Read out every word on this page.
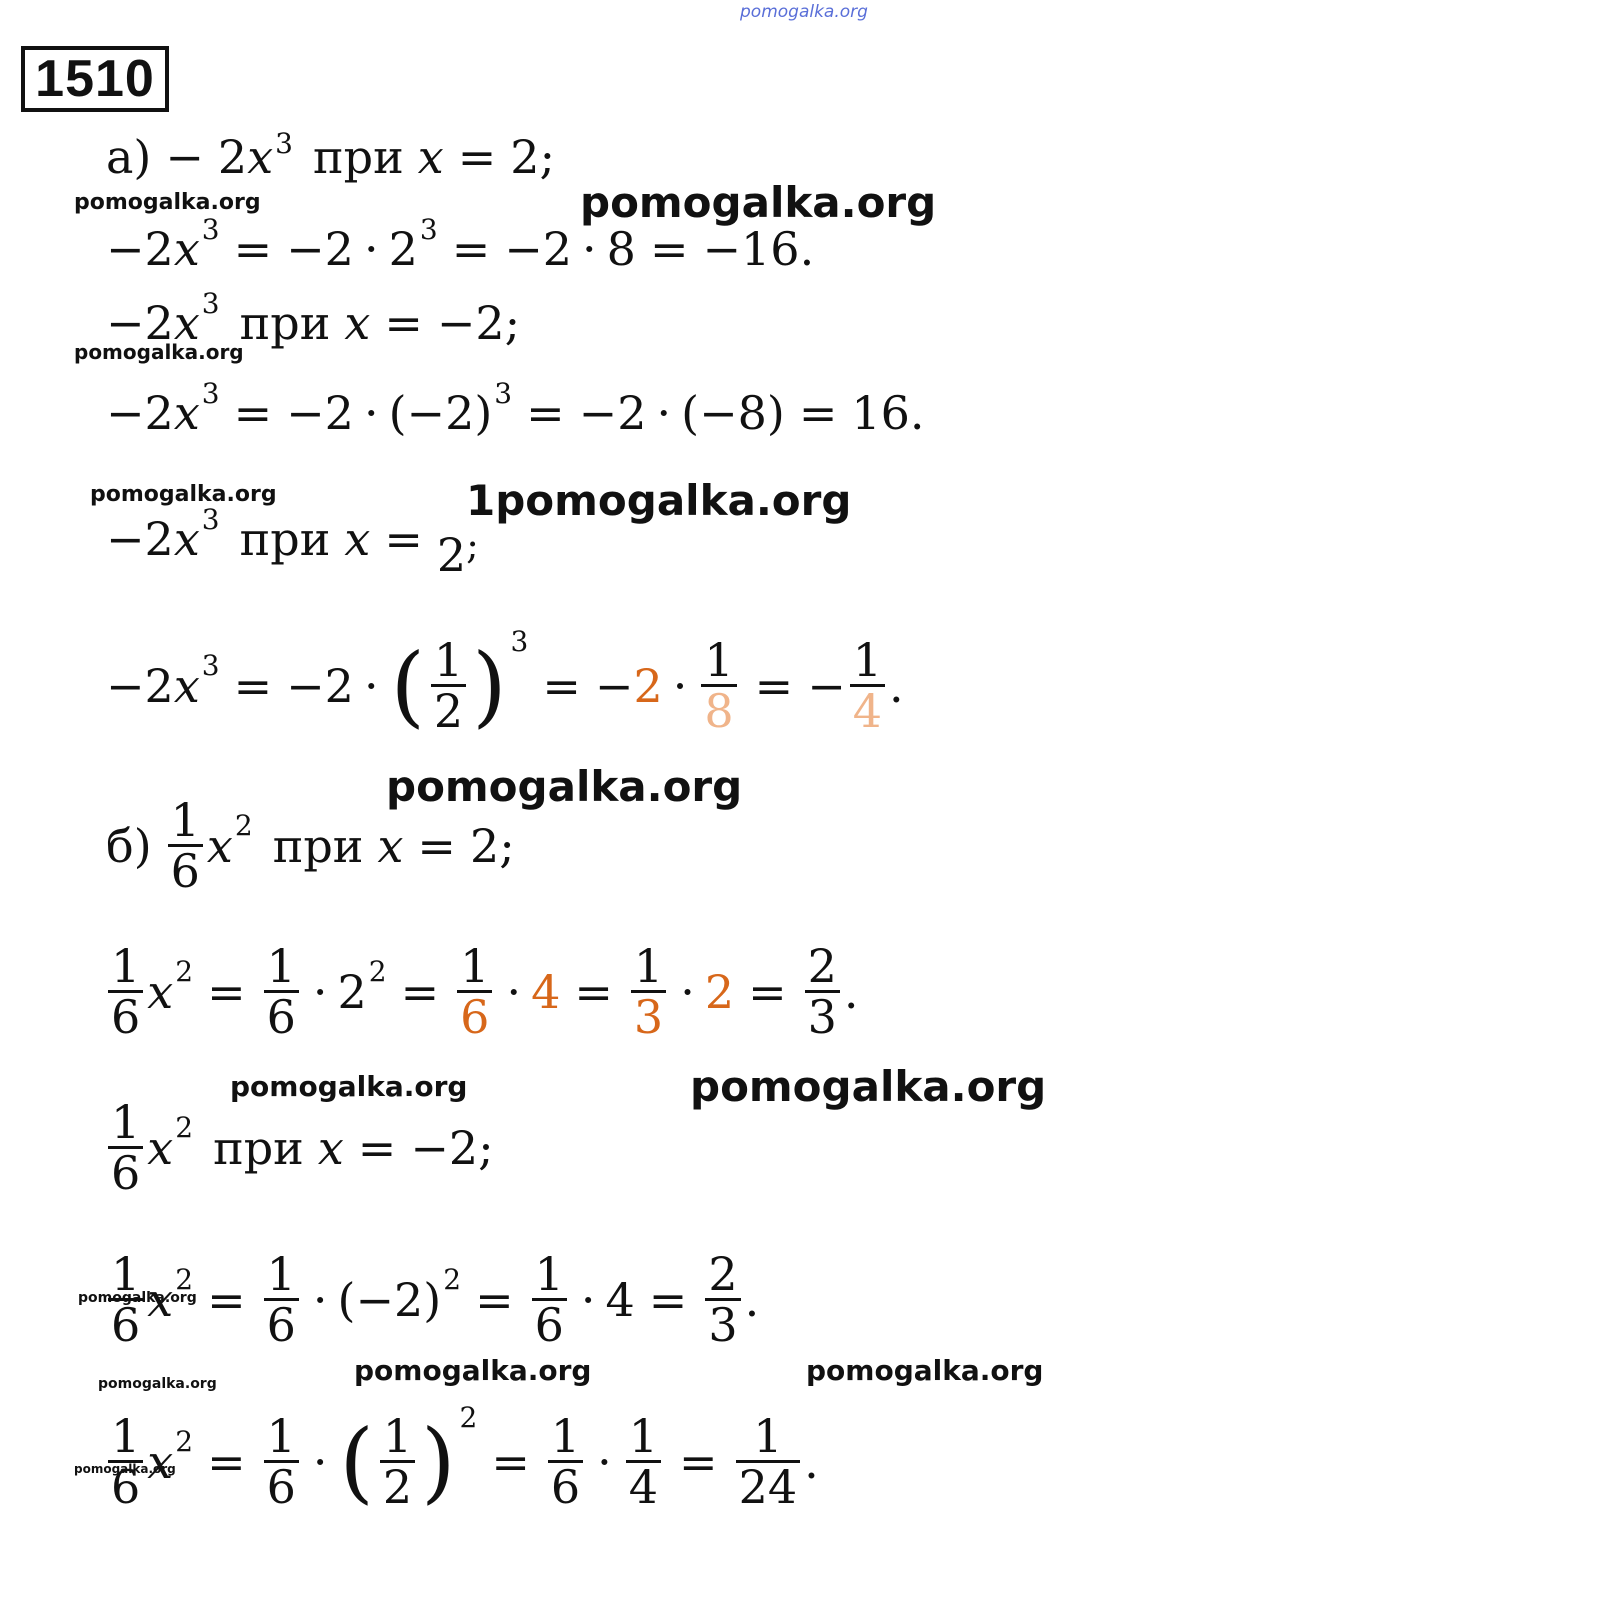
pomogalka.org
1510
$а) - 2x^3$ при x = 2 ;
pomogalka.org	pomogalka.org
−2 x 3 = −2 · 2 3 = −2 · 8 = −16 .
−2 x 3 при x = −2 ;
pomogalka.org
−2 x 3 = −2 · ( −2 ) 3 = −2 · ( −8 ) = 16 .
pomogalka.org	1pomogalka.org
−2 x 3 при x = 2 ;
−2 x 3 = −2 · ( $\frac{1}{2}$ ) 3
= − $2 \cdot \frac{1}{8}$ = − $\frac{1}{4}$ .
pomogalka.org
$б) \frac{1}{6}$ x 2 при x = 2 ;
$\frac{1}{6}$ x $2 = \frac{1}{6} \cdot 2$ $2 = \frac{1}{6} \cdot 4 = \frac{1}{3} \cdot 2 = \frac{2}{3}$ .
pomogalka.org	pomogalka.org
$\frac{1}{6}$ x 2 при x = −2 ;
$\frac{1}{6}$ x $2 = \frac{1}{6}$ · ( −2 ) $2 = \frac{1}{6} \cdot 4 = \frac{2}{3}$ .
pomogalka.org
pomogalka.org	pomogalka.org
pomogalka.org
$\frac{1}{6}$ x $2 = \frac{1}{6}$ · ( $\frac{1}{2}$ ) 2
= $\frac{1}{6} \cdot \frac{1}{4} = \frac{1}{24}$ .
pomogalka.org
